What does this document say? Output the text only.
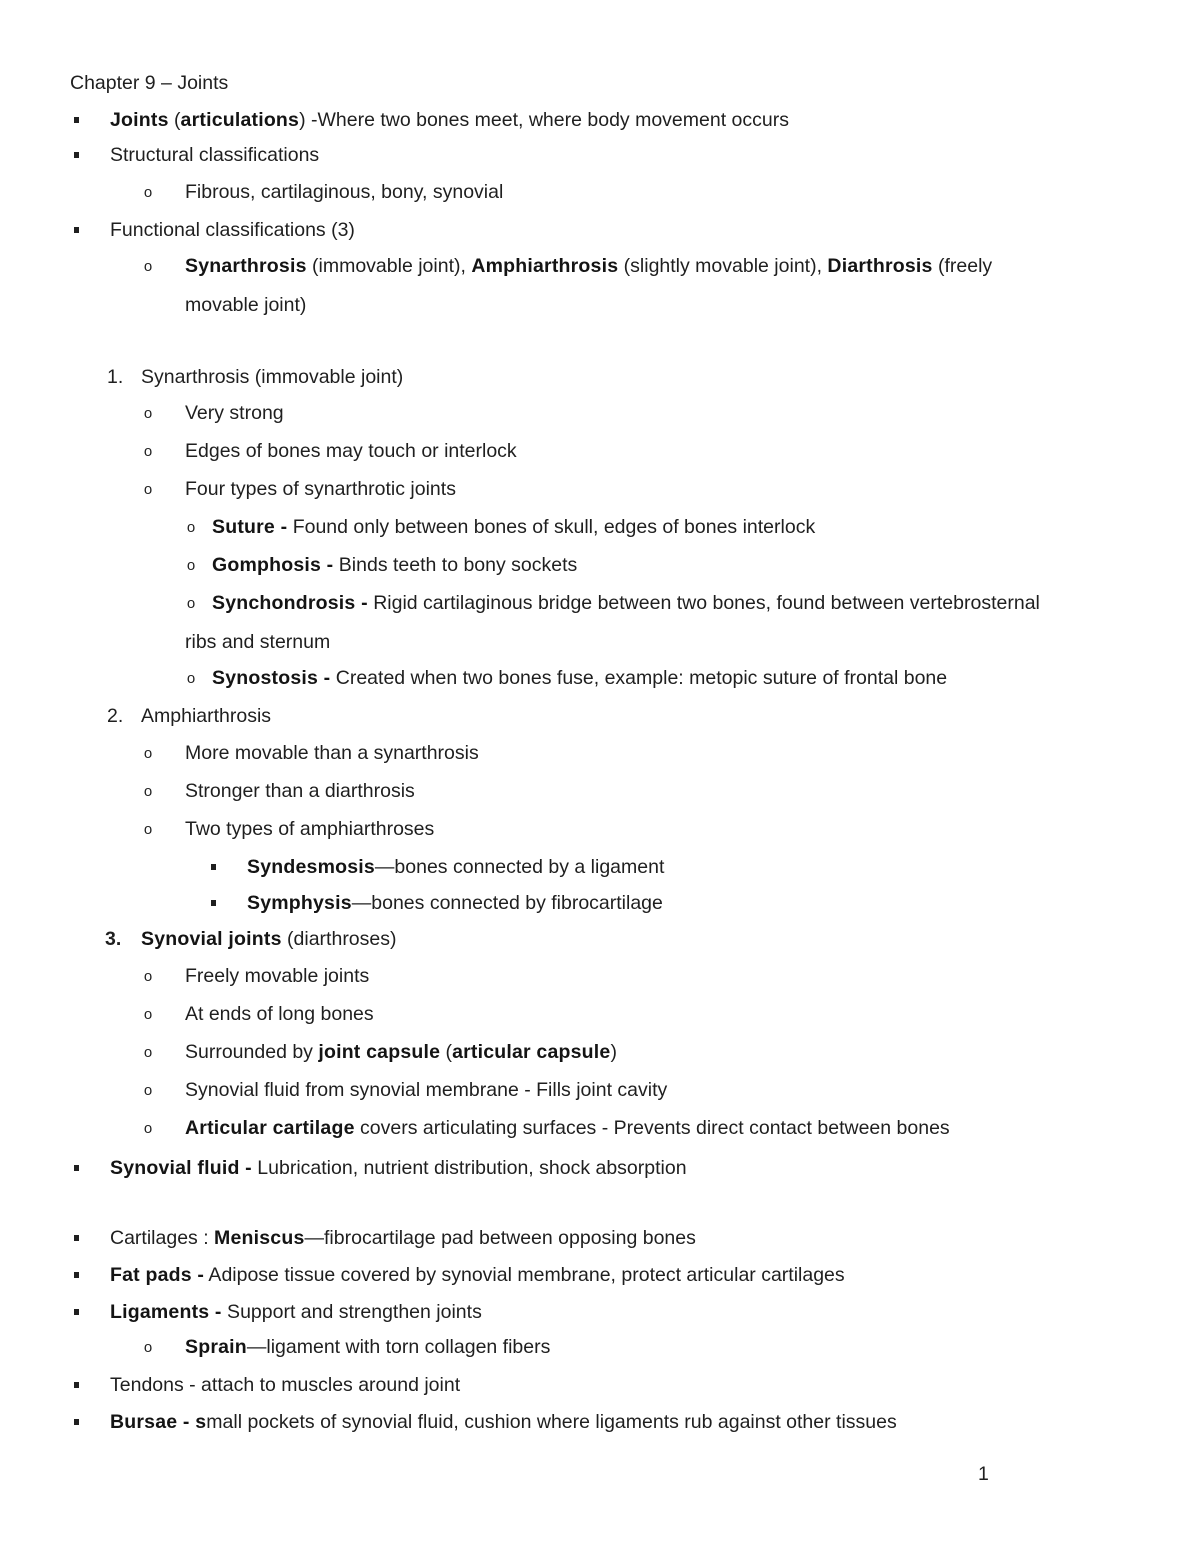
Chapter 9 – Joints
Joints (articulations) -Where two bones meet, where body movement occurs
Structural classifications
o Fibrous, cartilaginous, bony, synovial
Functional classifications (3)
o Synarthrosis (immovable joint), Amphiarthrosis (slightly movable joint), Diarthrosis (freely
movable joint)
1. Synarthrosis (immovable joint)
o Very strong
o Edges of bones may touch or interlock
o Four types of synarthrotic joints
o Suture - Found only between bones of skull, edges of bones interlock
o Gomphosis - Binds teeth to bony sockets
o Synchondrosis - Rigid cartilaginous bridge between two bones, found between vertebrosternal
ribs and sternum
o Synostosis - Created when two bones fuse, example: metopic suture of frontal bone
2. Amphiarthrosis
o More movable than a synarthrosis
o Stronger than a diarthrosis
o Two types of amphiarthroses
Syndesmosis—bones connected by a ligament
Symphysis—bones connected by fibrocartilage
3. Synovial joints (diarthroses)
o Freely movable joints
o At ends of long bones
o Surrounded by joint capsule (articular capsule)
o Synovial fluid from synovial membrane - Fills joint cavity
o Articular cartilage covers articulating surfaces - Prevents direct contact between bones
Synovial fluid - Lubrication, nutrient distribution, shock absorption
Cartilages : Meniscus—fibrocartilage pad between opposing bones
Fat pads - Adipose tissue covered by synovial membrane, protect articular cartilages
Ligaments - Support and strengthen joints
o Sprain—ligament with torn collagen fibers
Tendons - attach to muscles around joint
Bursae - small pockets of synovial fluid, cushion where ligaments rub against other tissues
1
